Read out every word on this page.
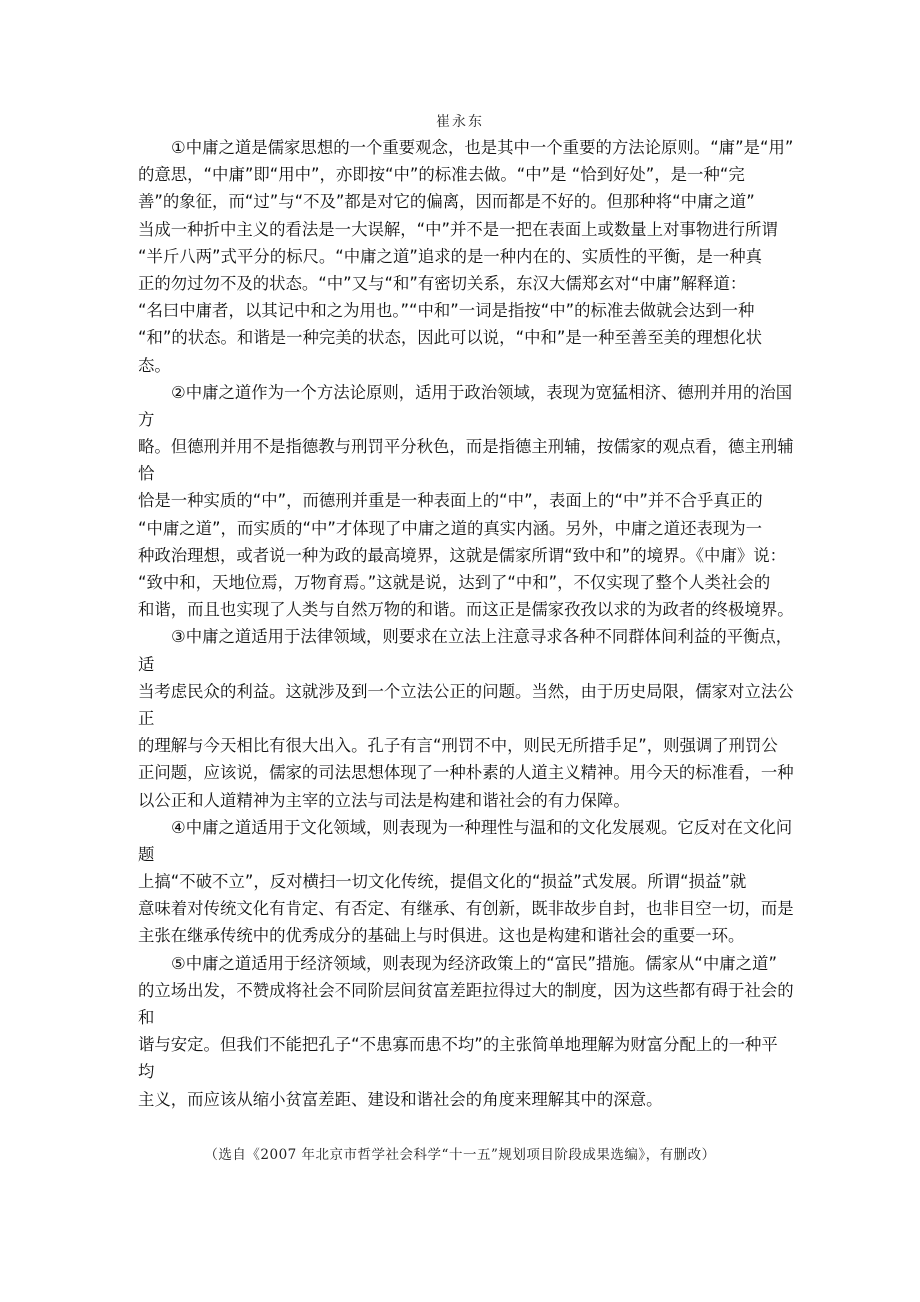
崔永东
①中庸之道是儒家思想的一个重要观念，也是其中一个重要的方法论原则。“庸”是“用”
的意思，“中庸”即“用中”，亦即按“中”的标准去做。“中”是 “恰到好处”，是一种“完
善”的象征，而“过”与“不及”都是对它的偏离，因而都是不好的。但那种将“中庸之道”
当成一种折中主义的看法是一大误解，“中”并不是一把在表面上或数量上对事物进行所谓
“半斤八两”式平分的标尺。“中庸之道”追求的是一种内在的、实质性的平衡，是一种真
正的勿过勿不及的状态。“中”又与“和”有密切关系，东汉大儒郑玄对“中庸”解释道：
“名曰中庸者，以其记中和之为用也。”“中和”一词是指按“中”的标准去做就会达到一种
“和”的状态。和谐是一种完美的状态，因此可以说，“中和”是一种至善至美的理想化状
态。
②中庸之道作为一个方法论原则，适用于政治领域，表现为宽猛相济、德刑并用的治国
方
略。但德刑并用不是指德教与刑罚平分秋色，而是指德主刑辅，按儒家的观点看，德主刑辅
恰
恰是一种实质的“中”，而德刑并重是一种表面上的“中”，表面上的“中”并不合乎真正的
“中庸之道”，而实质的“中”才体现了中庸之道的真实内涵。另外，中庸之道还表现为一
种政治理想，或者说一种为政的最高境界，这就是儒家所谓“致中和”的境界。《中庸》说：
“致中和，天地位焉，万物育焉。”这就是说，达到了“中和”，不仅实现了整个人类社会的
和谐，而且也实现了人类与自然万物的和谐。而这正是儒家孜孜以求的为政者的终极境界。
③中庸之道适用于法律领域，则要求在立法上注意寻求各种不同群体间利益的平衡点，
适
当考虑民众的利益。这就涉及到一个立法公正的问题。当然，由于历史局限，儒家对立法公
正
的理解与今天相比有很大出入。孔子有言“刑罚不中，则民无所措手足”，则强调了刑罚公
正问题，应该说，儒家的司法思想体现了一种朴素的人道主义精神。用今天的标准看，一种
以公正和人道精神为主宰的立法与司法是构建和谐社会的有力保障。
④中庸之道适用于文化领域，则表现为一种理性与温和的文化发展观。它反对在文化问
题
上搞“不破不立”，反对横扫一切文化传统，提倡文化的“损益”式发展。所谓“损益”就
意味着对传统文化有肯定、有否定、有继承、有创新，既非故步自封，也非目空一切，而是
主张在继承传统中的优秀成分的基础上与时俱进。这也是构建和谐社会的重要一环。
⑤中庸之道适用于经济领域，则表现为经济政策上的“富民”措施。儒家从“中庸之道”
的立场出发，不赞成将社会不同阶层间贫富差距拉得过大的制度，因为这些都有碍于社会的
和
谐与安定。但我们不能把孔子“不患寡而患不均”的主张简单地理解为财富分配上的一种平
均
主义，而应该从缩小贫富差距、建设和谐社会的角度来理解其中的深意。
（选自《2007 年北京市哲学社会科学“十一五”规划项目阶段成果选编》，有删改）
